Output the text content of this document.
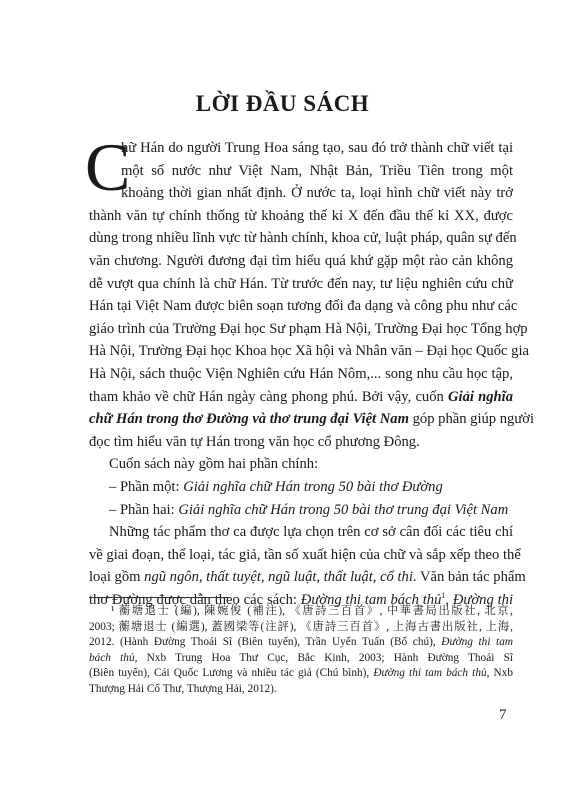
LỜI ĐẦU SÁCH
C
hữ Hán do người Trung Hoa sáng tạo, sau đó trở thành chữ viết tại
một số nước như Việt Nam, Nhật Bản, Triều Tiên trong một
khoảng thời gian nhất định. Ở nước ta, loại hình chữ viết này trở
thành văn tự chính thống từ khoảng thế kỉ X đến đầu thế kỉ XX, được
dùng trong nhiều lĩnh vực từ hành chính, khoa cử, luật pháp, quân sự đến
văn chương. Người đương đại tìm hiểu quá khứ gặp một rào cản không
dễ vượt qua chính là chữ Hán. Từ trước đến nay, tư liệu nghiên cứu chữ
Hán tại Việt Nam được biên soạn tương đối đa dạng và công phu như các
giáo trình của Trường Đại học Sư phạm Hà Nội, Trường Đại học Tổng hợp
Hà Nội, Trường Đại học Khoa học Xã hội và Nhân văn – Đại học Quốc gia
Hà Nội, sách thuộc Viện Nghiên cứu Hán Nôm,... song nhu cầu học tập,
tham khảo về chữ Hán ngày càng phong phú. Bởi vậy, cuốn Giải nghĩa
chữ Hán trong thơ Đường và thơ trung đại Việt Nam góp phần giúp người
đọc tìm hiểu văn tự Hán trong văn học cổ phương Đông.
Cuốn sách này gồm hai phần chính:
– Phần một: Giải nghĩa chữ Hán trong 50 bài thơ Đường
– Phần hai: Giải nghĩa chữ Hán trong 50 bài thơ trung đại Việt Nam
Những tác phẩm thơ ca được lựa chọn trên cơ sở cân đối các tiêu chí
về giai đoạn, thể loại, tác giả, tần số xuất hiện của chữ và sắp xếp theo thể
loại gồm ngũ ngôn, thất tuyệt, ngũ luật, thất luật, cổ thi. Văn bản tác phẩm
thơ Đường được dẫn theo các sách: Đường thi tam bách thủ$^1$, Đường thi
¹ 蘅塘退士 (編), 陳婉俊 (補注), 《唐詩三百首》, 中華書局出版社, 北京,
2003; 蘅塘退士 (編選), 蓋國梁等(注評), 《唐詩三百首》, 上海古書出版社, 上海,
2012. (Hành Đường Thoái Sĩ (Biên tuyển), Trần Uyển Tuấn (Bổ chú), Đường thi tam
bách thủ, Nxb Trung Hoa Thư Cục, Bắc Kinh, 2003; Hành Đường Thoái Sĩ
(Biên tuyển), Cái Quốc Lương và nhiều tác giả (Chú bình), Đường thi tam bách thủ, Nxb
Thượng Hải Cổ Thư, Thượng Hải, 2012).
7
